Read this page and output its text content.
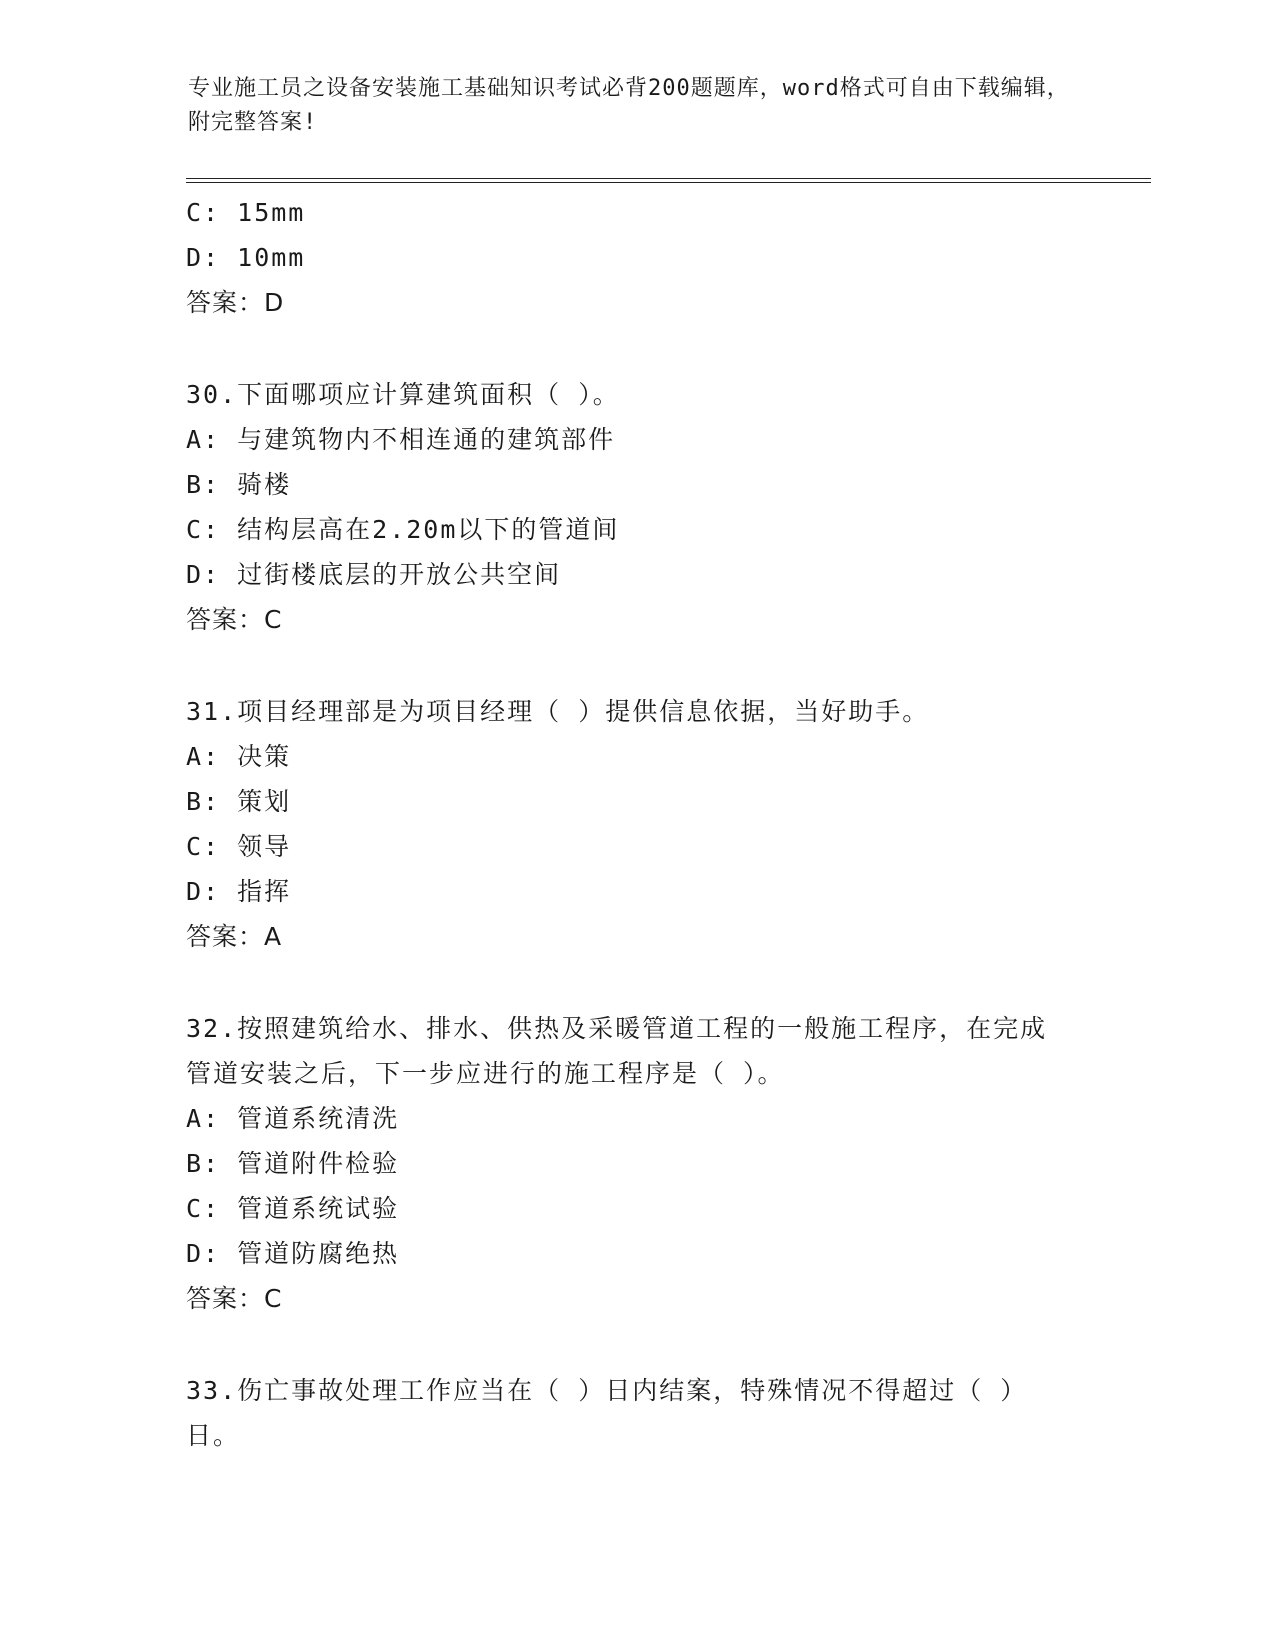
专业施工员之设备安装施工基础知识考试必背200题题库，word格式可自由下载编辑，附完整答案!
C: 15mm
D: 10mm
答案：D
30.下面哪项应计算建筑面积（ ）。
A: 与建筑物内不相连通的建筑部件
B: 骑楼
C: 结构层高在2.20m以下的管道间
D: 过街楼底层的开放公共空间
答案：C
31.项目经理部是为项目经理（ ）提供信息依据，当好助手。
A: 决策
B: 策划
C: 领导
D: 指挥
答案：A
32.按照建筑给水、排水、供热及采暖管道工程的一般施工程序，在完成管道安装之后，下一步应进行的施工程序是（ ）。
A: 管道系统清洗
B: 管道附件检验
C: 管道系统试验
D: 管道防腐绝热
答案：C
33.伤亡事故处理工作应当在（ ）日内结案，特殊情况不得超过（ ）日。
